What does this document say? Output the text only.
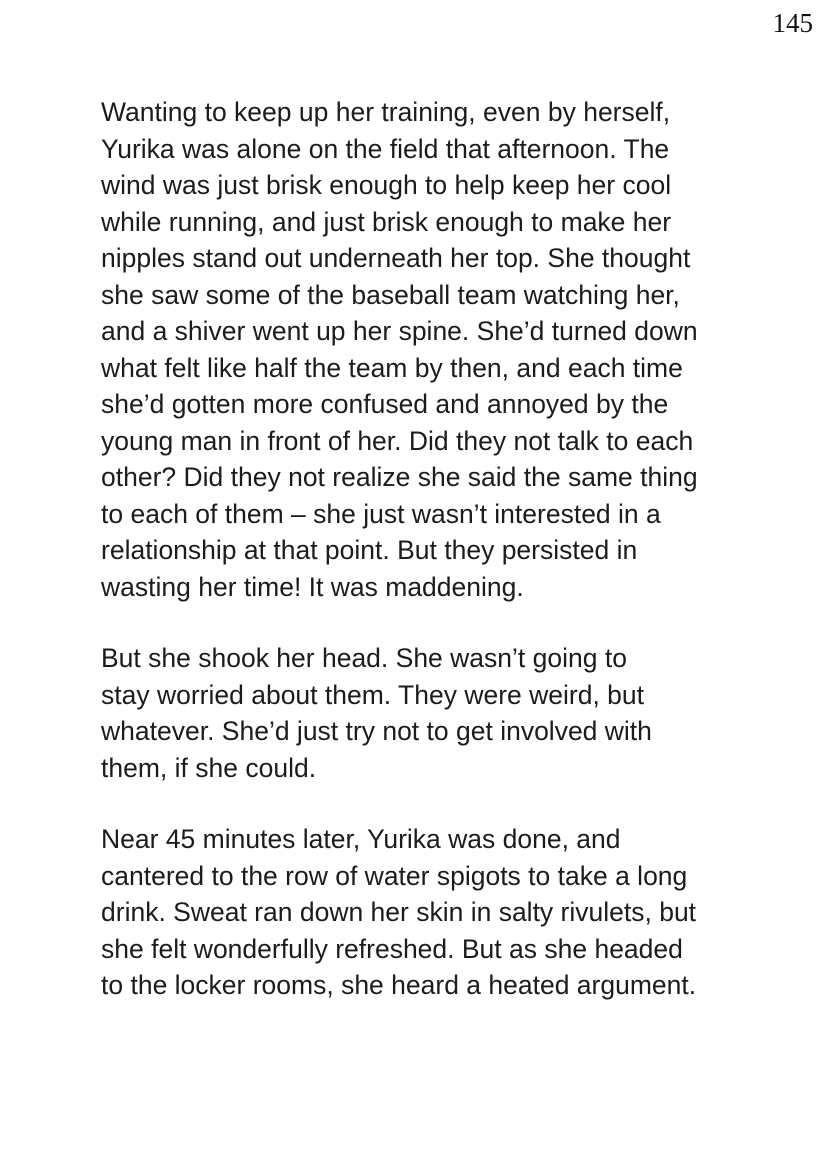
145

Wanting to keep up her training, even by herself,
Yurika was alone on the field that afternoon. The
wind was just brisk enough to help keep her cool
while running, and just brisk enough to make her
nipples stand out underneath her top. She thought
she saw some of the baseball team watching her,
and a shiver went up her spine. She’d turned down
what felt like half the team by then, and each time
she’d gotten more confused and annoyed by the
young man in front of her. Did they not talk to each
other? Did they not realize she said the same thing
to each of them – she just wasn’t interested in a
relationship at that point. But they persisted in
wasting her time! It was maddening.

But she shook her head. She wasn’t going to
stay worried about them. They were weird, but
whatever. She’d just try not to get involved with
them, if she could.

Near 45 minutes later, Yurika was done, and
cantered to the row of water spigots to take a long
drink. Sweat ran down her skin in salty rivulets, but
she felt wonderfully refreshed. But as she headed
to the locker rooms, she heard a heated argument.
